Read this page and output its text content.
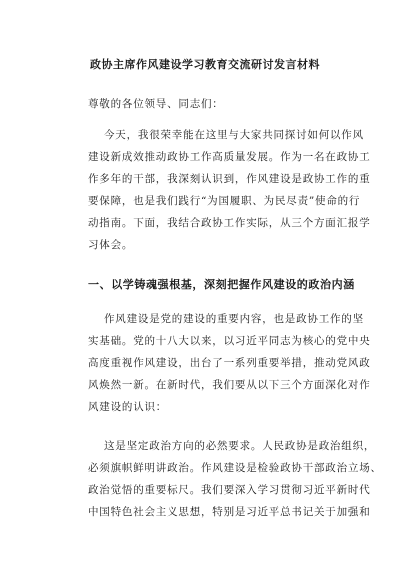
政协主席作风建设学习教育交流研讨发言材料

尊敬的各位领导、同志们：

今天，我很荣幸能在这里与大家共同探讨如何以作风

建设新成效推动政协工作高质量发展。作为一名在政协工

作多年的干部，我深刻认识到，作风建设是政协工作的重

要保障，也是我们践行“为国履职、为民尽责”使命的行

动指南。下面，我结合政协工作实际，从三个方面汇报学

习体会。

一、以学铸魂强根基，深刻把握作风建设的政治内涵

作风建设是党的建设的重要内容，也是政协工作的坚

实基础。党的十八大以来，以习近平同志为核心的党中央

高度重视作风建设，出台了一系列重要举措，推动党风政

风焕然一新。在新时代，我们要从以下三个方面深化对作

风建设的认识：

这是坚定政治方向的必然要求。人民政协是政治组织，

必须旗帜鲜明讲政治。作风建设是检验政协干部政治立场、

政治觉悟的重要标尺。我们要深入学习贯彻习近平新时代

中国特色社会主义思想，特别是习近平总书记关于加强和
